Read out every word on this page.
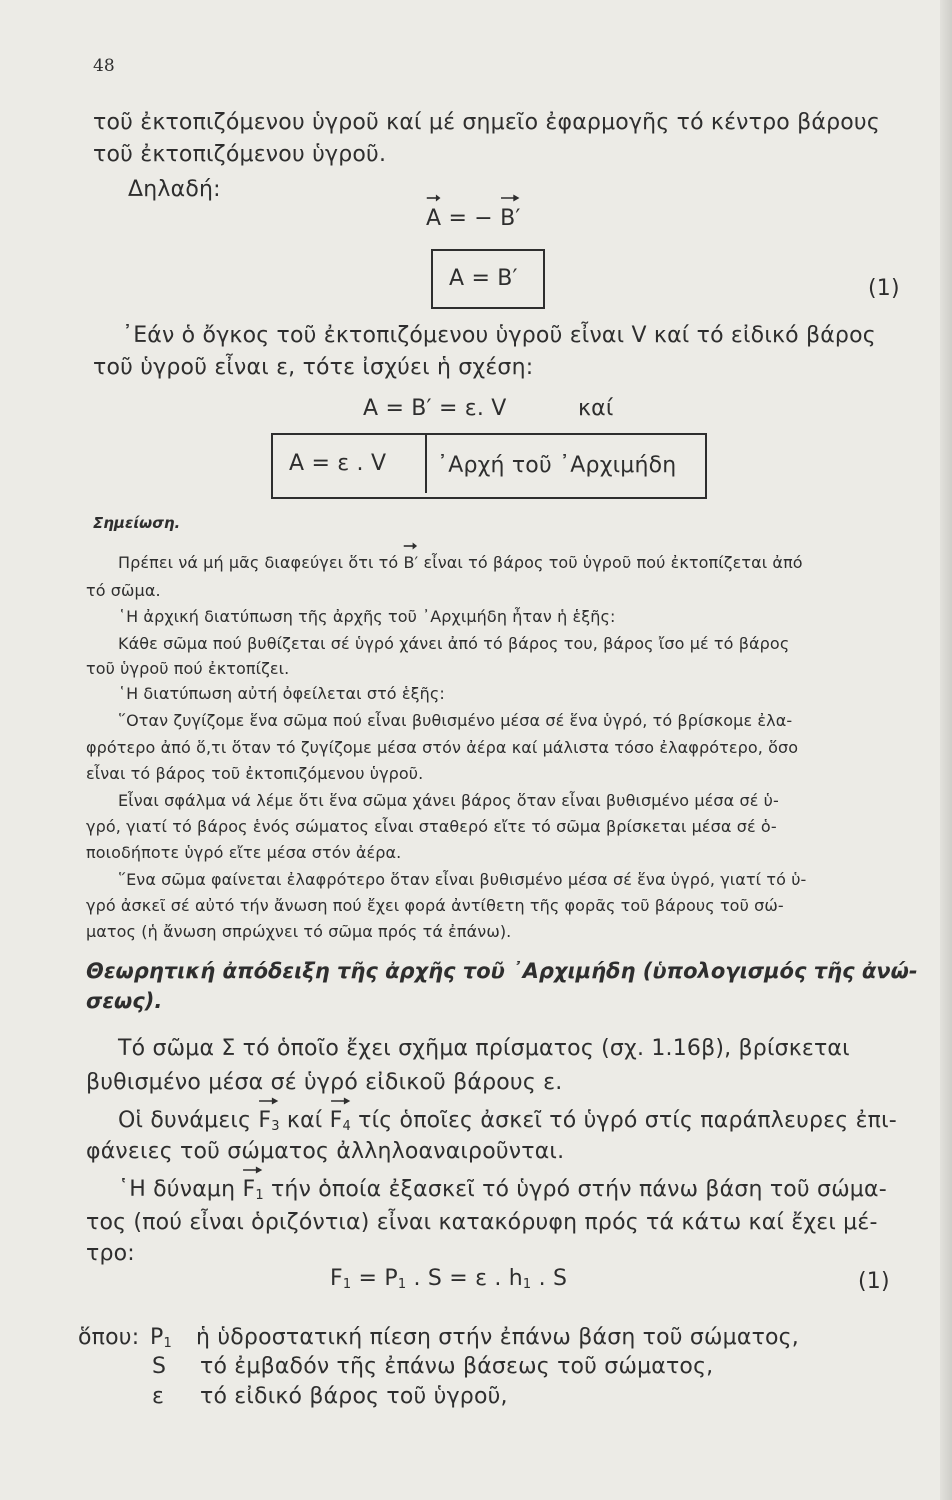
48
τοῦ ἐκτοπιζόμενου ὑγροῦ καί μέ σημεῖο ἐφαρμογῆς τό κέντρο βάρους
τοῦ ἐκτοπιζόμενου ὑγροῦ.
Δηλαδή:
A = −
B′
A = B′	(1)
᾿Εάν ὁ ὄγκος τοῦ ἐκτοπιζόμενου ὑγροῦ εἶναι V καί τό εἰδικό βάρος
τοῦ ὑγροῦ εἶναι ε, τότε ἰσχύει ἡ σχέση:
A = B′ = ε. V	καί
A = ε . V ᾿Αρχή τοῦ ᾿Αρχιμήδη
Σημείωση.
Πρέπει νά μή μᾶς διαφεύγει ὅτι τό
B′ εἶναι τό βάρος τοῦ ὑγροῦ πού ἐκτοπίζεται ἀπό
τό σῶμα.
῾Η ἀρχική διατύπωση τῆς ἀρχῆς τοῦ ᾿Αρχιμήδη ἦταν ἡ ἑξῆς:
Κάθε σῶμα πού βυθίζεται σέ ὑγρό χάνει ἀπό τό βάρος του, βάρος ἴσο μέ τό βάρος
τοῦ ὑγροῦ πού ἐκτοπίζει.
῾Η διατύπωση αὐτή ὀφείλεται στό ἑξῆς:
῞Οταν ζυγίζομε ἕνα σῶμα πού εἶναι βυθισμένο μέσα σέ ἕνα ὑγρό, τό βρίσκομε ἐλα-
φρότερο ἀπό ὅ,τι ὅταν τό ζυγίζομε μέσα στόν ἀέρα καί μάλιστα τόσο ἐλαφρότερο, ὅσο
εἶναι τό βάρος τοῦ ἐκτοπιζόμενου ὑγροῦ.
Εἶναι σφάλμα νά λέμε ὅτι ἕνα σῶμα χάνει βάρος ὅταν εἶναι βυθισμένο μέσα σέ ὑ-
γρό, γιατί τό βάρος ἑνός σώματος εἶναι σταθερό εἴτε τό σῶμα βρίσκεται μέσα σέ ὁ-
ποιοδήποτε ὑγρό εἴτε μέσα στόν ἀέρα.
῞Ενα σῶμα φαίνεται ἐλαφρότερο ὅταν εἶναι βυθισμένο μέσα σέ ἕνα ὑγρό, γιατί τό ὑ-
γρό ἀσκεῖ σέ αὐτό τήν ἄνωση πού ἔχει φορά ἀντίθετη τῆς φορᾶς τοῦ βάρους τοῦ σώ-
ματος (ἡ ἄνωση σπρώχνει τό σῶμα πρός τά ἐπάνω).
Θεωρητική ἀπόδειξη τῆς ἀρχῆς τοῦ ᾿Αρχιμήδη (ὑπολογισμός τῆς ἀνώ-
σεως).
Τό σῶμα Σ τό ὁποῖο ἔχει σχῆμα πρίσματος (σχ. 1.16β), βρίσκεται
βυθισμένο μέσα σέ ὑγρό εἰδικοῦ βάρους ε.
Οἱ δυνάμεις
$F_3$ καί
$F_4$ τίς ὁποῖες ἀσκεῖ τό ὑγρό στίς παράπλευρες ἐπι-
φάνειες τοῦ σώματος ἀλληλοαναιροῦνται.
῾Η δύναμη
$F_1$ τήν ὁποία ἐξασκεῖ τό ὑγρό στήν πάνω βάση τοῦ σώμα-
τος (πού εἶναι ὁριζόντια) εἶναι κατακόρυφη πρός τά κάτω καί ἔχει μέ-
τρο:
$F_1 = P_1$ . S = ε . $h_1$ . S	(1)
ὅπου: $P_1$ ἡ ὑδροστατική πίεση στήν ἐπάνω βάση τοῦ σώματος,
S τό ἐμβαδόν τῆς ἐπάνω βάσεως τοῦ σώματος,
ε τό εἰδικό βάρος τοῦ ὑγροῦ,
